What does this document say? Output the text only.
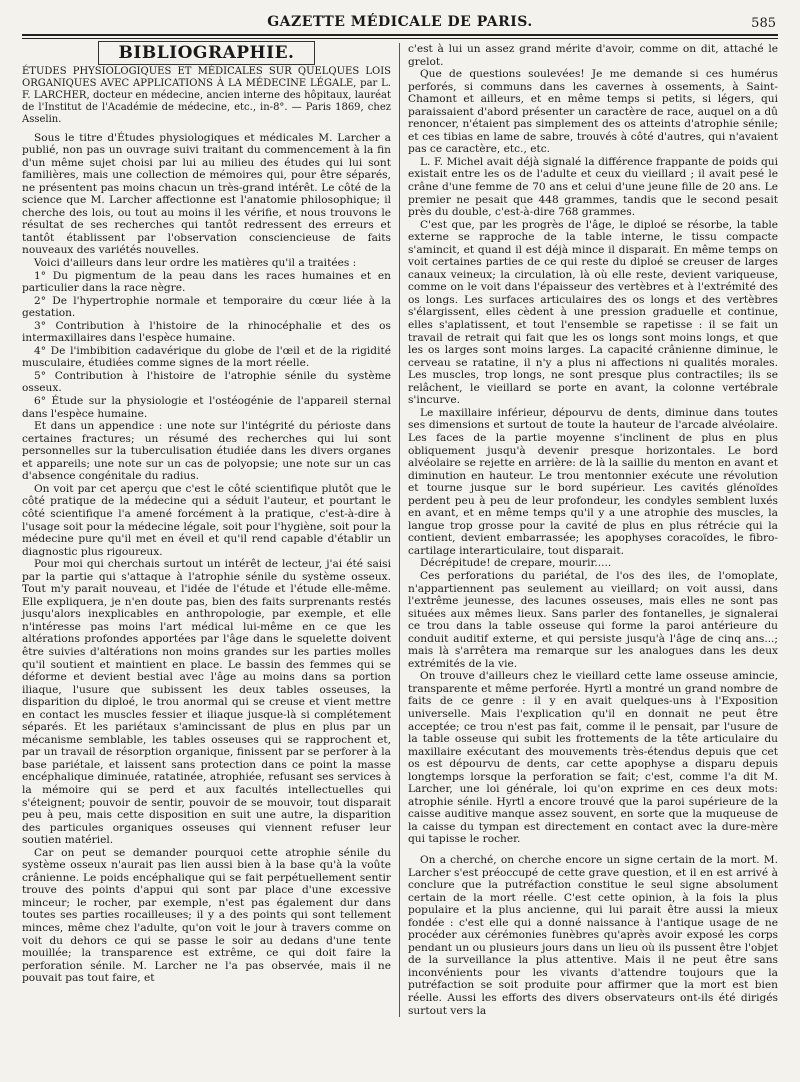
GAZETTE MÉDICALE DE PARIS.	585
BIBLIOGRAPHIE.
ÉTUDES PHYSIOLOGIQUES ET MÉDICALES SUR QUELQUES LOIS ORGANIQUES AVEC APPLICATIONS À LA MÉDECINE LÉGALE, par L. F. LARCHER, docteur en médecine, ancien interne des hôpitaux, lauréat de l'Institut de l'Académie de médecine, etc., in-8°. — Paris 1869, chez Asselin.

Sous le titre d'Études physiologiques et médicales M. Larcher a publié, non pas un ouvrage suivi traitant du commencement à la fin d'un même sujet choisi par lui au milieu des études qui lui sont familières, mais une collection de mémoires qui, pour être séparés, ne présentent pas moins chacun un très-grand intérêt. Le côté de la science que M. Larcher affectionne est l'anatomie philosophique; il cherche des lois, ou tout au moins il les vérifie, et nous trouvons le résultat de ses recherches qui tantôt redressent des erreurs et tantôt établissent par l'observation consciencieuse de faits nouveaux des variétés nouvelles.

Voici d'ailleurs dans leur ordre les matières qu'il a traitées :

1° Du pigmentum de la peau dans les races humaines et en particulier dans la race nègre.

2° De l'hypertrophie normale et temporaire du cœur liée à la gestation.

3° Contribution à l'histoire de la rhinocéphalie et des os intermaxillaires dans l'espèce humaine.

4° De l'imbibition cadavérique du globe de l'œil et de la rigidité musculaire, étudiées comme signes de la mort réelle.

5° Contribution à l'histoire de l'atrophie sénile du système osseux.

6° Étude sur la physiologie et l'ostéogénie de l'appareil sternal dans l'espèce humaine.

Et dans un appendice : une note sur l'intégrité du périoste dans certaines fractures; un résumé des recherches qui lui sont personnelles sur la tuberculisation étudiée dans les divers organes et appareils; une note sur un cas de polyopsie; une note sur un cas d'absence congénitale du radius.

On voit par cet aperçu que c'est le côté scientifique plutôt que le côté pratique de la médecine qui a séduit l'auteur, et pourtant le côté scientifique l'a amené forcément à la pratique, c'est-à-dire à l'usage soit pour la médecine légale, soit pour l'hygiène, soit pour la médecine pure qu'il met en éveil et qu'il rend capable d'établir un diagnostic plus rigoureux.

Pour moi qui cherchais surtout un intérêt de lecteur, j'ai été saisi par la partie qui s'attaque à l'atrophie sénile du système osseux. Tout m'y parait nouveau, et l'idée de l'étude et l'étude elle-même. Elle expliquera, je n'en doute pas, bien des faits surprenants restés jusqu'alors inexplicables en anthropologie, par exemple, et elle n'intéresse pas moins l'art médical lui-même en ce que les altérations profondes apportées par l'âge dans le squelette doivent être suivies d'altérations non moins grandes sur les parties molles qu'il soutient et maintient en place. Le bassin des femmes qui se déforme et devient bestial avec l'âge au moins dans sa portion iliaque, l'usure que subissent les deux tables osseuses, la disparition du diploé, le trou anormal qui se creuse et vient mettre en contact les muscles fessier et iliaque jusque-là si complétement séparés. Et les pariétaux s'amincissant de plus en plus par un mécanisme semblable, les tables osseuses qui se rapprochent et, par un travail de résorption organique, finissent par se perforer à la base pariétale, et laissent sans protection dans ce point la masse encéphalique diminuée, ratatinée, atrophiée, refusant ses services à la mémoire qui se perd et aux facultés intellectuelles qui s'éteignent; pouvoir de sentir, pouvoir de se mouvoir, tout disparait peu à peu, mais cette disposition en suit une autre, la disparition des particules organiques osseuses qui viennent refuser leur soutien matériel.

Car on peut se demander pourquoi cette atrophie sénile du système osseux n'aurait pas lien aussi bien à la base qu'à la voûte crânienne. Le poids encéphalique qui se fait perpétuellement sentir trouve des points d'appui qui sont par place d'une excessive minceur; le rocher, par exemple, n'est pas également dur dans toutes ses parties rocailleuses; il y a des points qui sont tellement minces, même chez l'adulte, qu'on voit le jour à travers comme on voit du dehors ce qui se passe le soir au dedans d'une tente mouillée; la transparence est extrême, ce qui doit faire la perforation sénile. M. Larcher ne l'a pas observée, mais il ne pouvait pas tout faire, et

c'est à lui un assez grand mérite d'avoir, comme on dit, attaché le grelot.

Que de questions soulevées! Je me demande si ces humérus perforés, si communs dans les cavernes à ossements, à Saint-Chamont et ailleurs, et en même temps si petits, si légers, qui paraissaient d'abord présenter un caractère de race, auquel on a dû renoncer, n'étaient pas simplement des os atteints d'atrophie sénile; et ces tibias en lame de sabre, trouvés à côté d'autres, qui n'avaient pas ce caractère, etc., etc.

L. F. Michel avait déjà signalé la différence frappante de poids qui existait entre les os de l'adulte et ceux du vieillard ; il avait pesé le crâne d'une femme de 70 ans et celui d'une jeune fille de 20 ans. Le premier ne pesait que 448 grammes, tandis que le second pesait près du double, c'est-à-dire 768 grammes.

C'est que, par les progrès de l'âge, le diploé se résorbe, la table externe se rapproche de la table interne, le tissu compacte s'amincit, et quand il est déjà mince il disparait. En même temps on voit certaines parties de ce qui reste du diploé se creuser de larges canaux veineux; la circulation, là où elle reste, devient variqueuse, comme on le voit dans l'épaisseur des vertèbres et à l'extrémité des os longs. Les surfaces articulaires des os longs et des vertèbres s'élargissent, elles cèdent à une pression graduelle et continue, elles s'aplatissent, et tout l'ensemble se rapetisse : il se fait un travail de retrait qui fait que les os longs sont moins longs, et que les os larges sont moins larges. La capacité crânienne diminue, le cerveau se ratatine, il n'y a plus ni affections ni qualités morales. Les muscles, trop longs, ne sont presque plus contractiles; ils se relâchent, le vieillard se porte en avant, la colonne vertébrale s'incurve.

Le maxillaire inférieur, dépourvu de dents, diminue dans toutes ses dimensions et surtout de toute la hauteur de l'arcade alvéolaire. Les faces de la partie moyenne s'inclinent de plus en plus obliquement jusqu'à devenir presque horizontales. Le bord alvéolaire se rejette en arrière: de là la saillie du menton en avant et diminution en hauteur. Le trou mentonnier exécute une révolution et tourne jusque sur le bord supérieur. Les cavités glénoïdes perdent peu à peu de leur profondeur, les condyles semblent luxés en avant, et en même temps qu'il y a une atrophie des muscles, la langue trop grosse pour la cavité de plus en plus rétrécie qui la contient, devient embarrassée; les apophyses coracoïdes, le fibro-cartilage interarticulaire, tout disparait.

Décrépitude! de crepare, mourir.....

Ces perforations du pariétal, de l'os des iles, de l'omoplate, n'appartiennent pas seulement au vieillard; on voit aussi, dans l'extrême jeunesse, des lacunes osseuses, mais elles ne sont pas situées aux mêmes lieux. Sans parler des fontanelles, je signalerai ce trou dans la table osseuse qui forme la paroi antérieure du conduit auditif externe, et qui persiste jusqu'à l'âge de cinq ans...; mais là s'arrêtera ma remarque sur les analogues dans les deux extrémités de la vie.

On trouve d'ailleurs chez le vieillard cette lame osseuse amincie, transparente et même perforée. Hyrtl a montré un grand nombre de faits de ce genre : il y en avait quelques-uns à l'Exposition universelle. Mais l'explication qu'il en donnait ne peut être acceptée; ce trou n'est pas fait, comme il le pensait, par l'usure de la table osseuse qui subit les frottements de la tête articulaire du maxillaire exécutant des mouvements très-étendus depuis que cet os est dépourvu de dents, car cette apophyse a disparu depuis longtemps lorsque la perforation se fait; c'est, comme l'a dit M. Larcher, une loi générale, loi qu'on exprime en ces deux mots: atrophie sénile. Hyrtl a encore trouvé que la paroi supérieure de la caisse auditive manque assez souvent, en sorte que la muqueuse de la caisse du tympan est directement en contact avec la dure-mère qui tapisse le rocher.

On a cherché, on cherche encore un signe certain de la mort. M. Larcher s'est préoccupé de cette grave question, et il en est arrivé à conclure que la putréfaction constitue le seul signe absolument certain de la mort réelle. C'est cette opinion, à la fois la plus populaire et la plus ancienne, qui lui parait être aussi la mieux fondée : c'est elle qui a donné naissance à l'antique usage de ne procéder aux cérémonies funèbres qu'après avoir exposé les corps pendant un ou plusieurs jours dans un lieu où ils pussent être l'objet de la surveillance la plus attentive. Mais il ne peut être sans inconvénients pour les vivants d'attendre toujours que la putréfaction se soit produite pour affirmer que la mort est bien réelle. Aussi les efforts des divers observateurs ont-ils été dirigés surtout vers la
